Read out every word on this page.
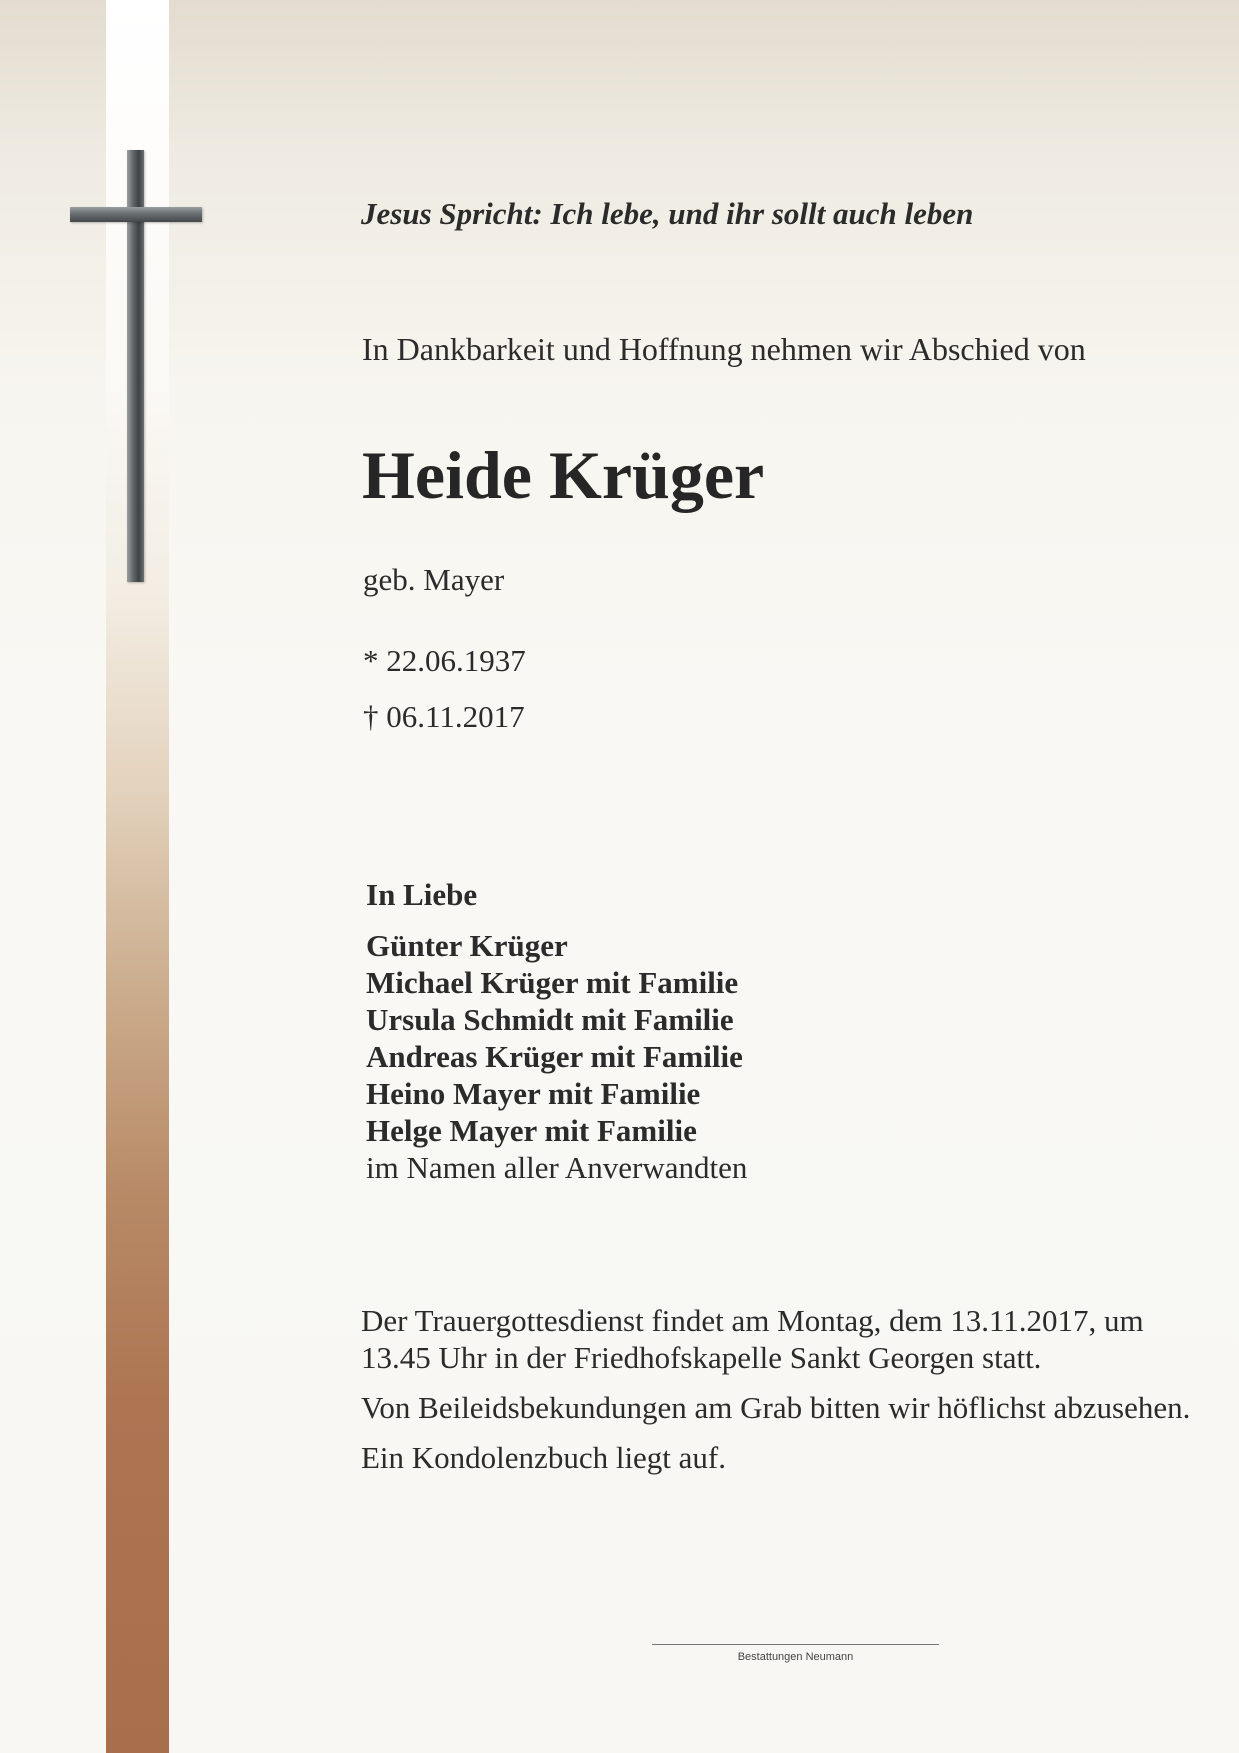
Jesus Spricht: Ich lebe, und ihr sollt auch leben

In Dankbarkeit und Hoffnung nehmen wir Abschied von

Heide Krüger

geb. Mayer

* 22.06.1937

† 06.11.2017

In Liebe
Günter Krüger
Michael Krüger mit Familie
Ursula Schmidt mit Familie
Andreas Krüger mit Familie
Heino Mayer mit Familie
Helge Mayer mit Familie
im Namen aller Anverwandten

Der Trauergottesdienst findet am Montag, dem 13.11.2017, um 13.45 Uhr in der Friedhofskapelle Sankt Georgen statt.

Von Beileidsbekundungen am Grab bitten wir höflichst abzusehen.

Ein Kondolenzbuch liegt auf.

Bestattungen Neumann
